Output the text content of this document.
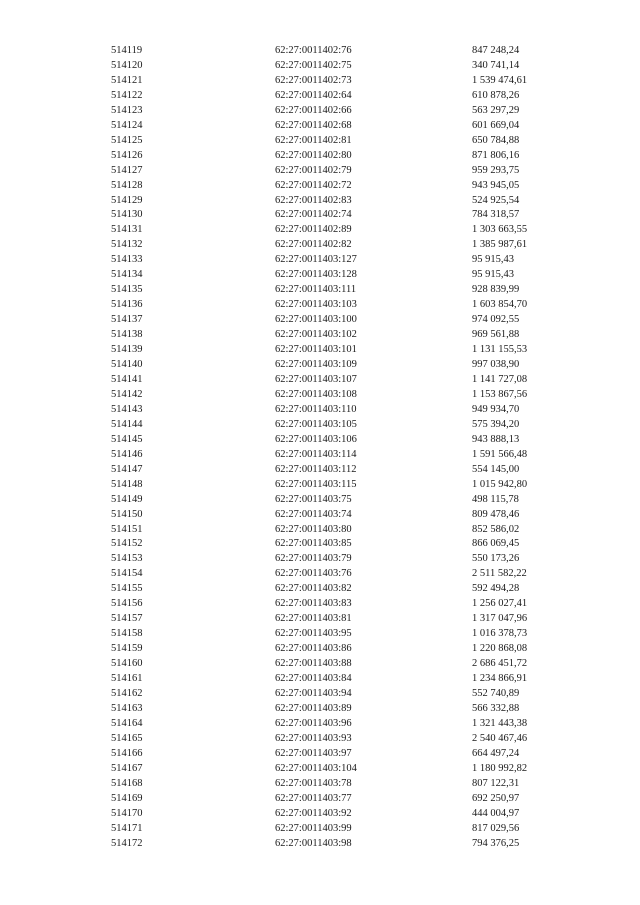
514119	62:27:0011402:76	847 248,24
514120	62:27:0011402:75	340 741,14
514121	62:27:0011402:73	1 539 474,61
514122	62:27:0011402:64	610 878,26
514123	62:27:0011402:66	563 297,29
514124	62:27:0011402:68	601 669,04
514125	62:27:0011402:81	650 784,88
514126	62:27:0011402:80	871 806,16
514127	62:27:0011402:79	959 293,75
514128	62:27:0011402:72	943 945,05
514129	62:27:0011402:83	524 925,54
514130	62:27:0011402:74	784 318,57
514131	62:27:0011402:89	1 303 663,55
514132	62:27:0011402:82	1 385 987,61
514133	62:27:0011403:127	95 915,43
514134	62:27:0011403:128	95 915,43
514135	62:27:0011403:111	928 839,99
514136	62:27:0011403:103	1 603 854,70
514137	62:27:0011403:100	974 092,55
514138	62:27:0011403:102	969 561,88
514139	62:27:0011403:101	1 131 155,53
514140	62:27:0011403:109	997 038,90
514141	62:27:0011403:107	1 141 727,08
514142	62:27:0011403:108	1 153 867,56
514143	62:27:0011403:110	949 934,70
514144	62:27:0011403:105	575 394,20
514145	62:27:0011403:106	943 888,13
514146	62:27:0011403:114	1 591 566,48
514147	62:27:0011403:112	554 145,00
514148	62:27:0011403:115	1 015 942,80
514149	62:27:0011403:75	498 115,78
514150	62:27:0011403:74	809 478,46
514151	62:27:0011403:80	852 586,02
514152	62:27:0011403:85	866 069,45
514153	62:27:0011403:79	550 173,26
514154	62:27:0011403:76	2 511 582,22
514155	62:27:0011403:82	592 494,28
514156	62:27:0011403:83	1 256 027,41
514157	62:27:0011403:81	1 317 047,96
514158	62:27:0011403:95	1 016 378,73
514159	62:27:0011403:86	1 220 868,08
514160	62:27:0011403:88	2 686 451,72
514161	62:27:0011403:84	1 234 866,91
514162	62:27:0011403:94	552 740,89
514163	62:27:0011403:89	566 332,88
514164	62:27:0011403:96	1 321 443,38
514165	62:27:0011403:93	2 540 467,46
514166	62:27:0011403:97	664 497,24
514167	62:27:0011403:104	1 180 992,82
514168	62:27:0011403:78	807 122,31
514169	62:27:0011403:77	692 250,97
514170	62:27:0011403:92	444 004,97
514171	62:27:0011403:99	817 029,56
514172	62:27:0011403:98	794 376,25
